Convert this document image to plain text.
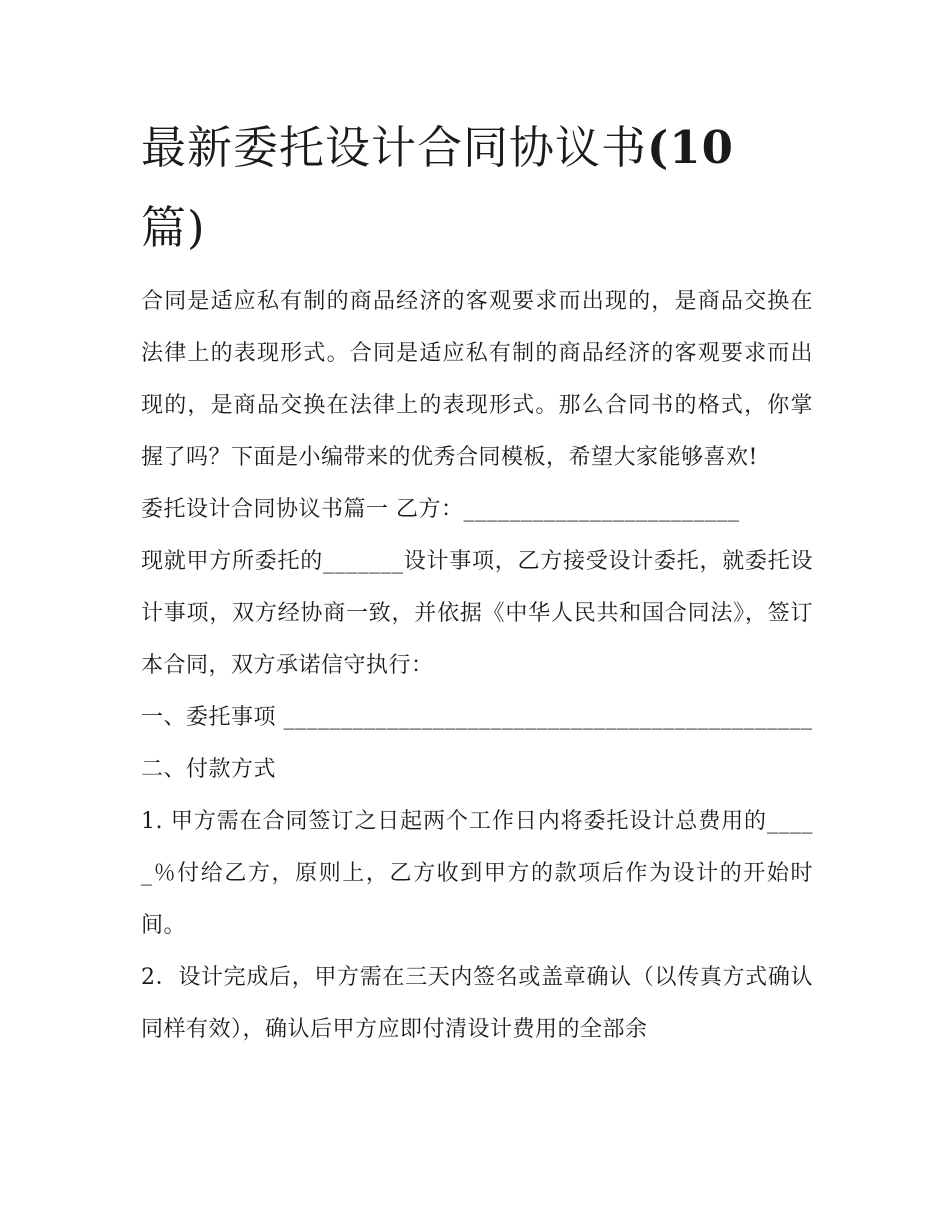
最新委托设计合同协议书(10
篇)

合同是适应私有制的商品经济的客观要求而出现的，是商品交换在法律上的表现形式。合同是适应私有制的商品经济的客观要求而出现的，是商品交换在法律上的表现形式。那么合同书的格式，你掌握了吗？下面是小编带来的优秀合同模板，希望大家能够喜欢!

委托设计合同协议书篇一 乙方：________________________

现就甲方所委托的_______设计事项，乙方接受设计委托，就委托设计事项，双方经协商一致，并依据《中华人民共和国合同法》，签订本合同，双方承诺信守执行：

一、委托事项 ______________________________________________

二、付款方式

1. 甲方需在合同签订之日起两个工作日内将委托设计总费用的_____％付给乙方，原则上，乙方收到甲方的款项后作为设计的开始时间。

2．设计完成后，甲方需在三天内签名或盖章确认（以传真方式确认同样有效），确认后甲方应即付清设计费用的全部余
